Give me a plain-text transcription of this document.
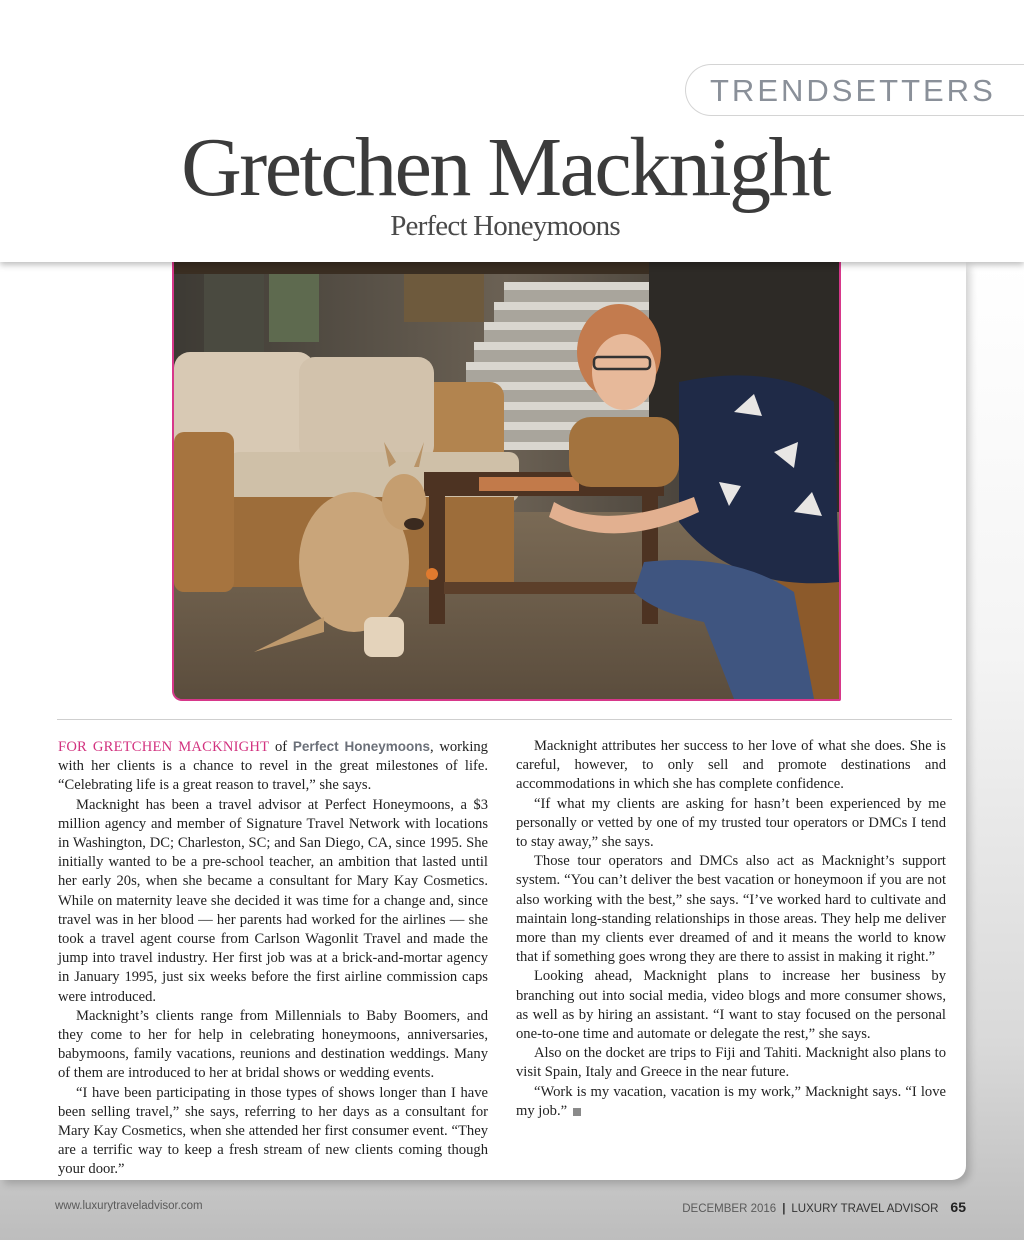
TRENDSETTERS
Gretchen Macknight
Perfect Honeymoons

FOR GRETCHEN MACKNIGHT of Perfect Honeymoons, working with her clients is a chance to revel in the great milestones of life. “Celebrating life is a great reason to travel,” she says.

Macknight has been a travel advisor at Perfect Honeymoons, a $3 million agency and member of Signature Travel Network with locations in Washington, DC; Charleston, SC; and San Diego, CA, since 1995. She initially wanted to be a pre-school teacher, an ambition that lasted until her early 20s, when she became a consultant for Mary Kay Cosmetics. While on maternity leave she decided it was time for a change and, since travel was in her blood — her parents had worked for the airlines — she took a travel agent course from Carlson Wagonlit Travel and made the jump into travel industry. Her first job was at a brick-and-mortar agency in January 1995, just six weeks before the first airline commission caps were introduced.

Macknight’s clients range from Millennials to Baby Boomers, and they come to her for help in celebrating honeymoons, anniversaries, babymoons, family vacations, reunions and destination weddings. Many of them are introduced to her at bridal shows or wedding events.

“I have been participating in those types of shows longer than I have been selling travel,” she says, referring to her days as a consultant for Mary Kay Cosmetics, when she attended her first consumer event. “They are a terrific way to keep a fresh stream of new clients coming though your door.”

Macknight attributes her success to her love of what she does. She is careful, however, to only sell and promote destinations and accommodations in which she has complete confidence.

“If what my clients are asking for hasn’t been experienced by me personally or vetted by one of my trusted tour operators or DMCs I tend to stay away,” she says.

Those tour operators and DMCs also act as Macknight’s support system. “You can’t deliver the best vacation or honeymoon if you are not also working with the best,” she says. “I’ve worked hard to cultivate and maintain long-standing relationships in those areas. They help me deliver more than my clients ever dreamed of and it means the world to know that if something goes wrong they are there to assist in making it right.”

Looking ahead, Macknight plans to increase her business by branching out into social media, video blogs and more consumer shows, as well as by hiring an assistant. “I want to stay focused on the personal one-to-one time and automate or delegate the rest,” she says.

Also on the docket are trips to Fiji and Tahiti. Macknight also plans to visit Spain, Italy and Greece in the near future.

“Work is my vacation, vacation is my work,” Macknight says. “I love my job.”

www.luxurytraveladvisor.com	DECEMBER 2016 | LUXURY TRAVEL ADVISOR 65
